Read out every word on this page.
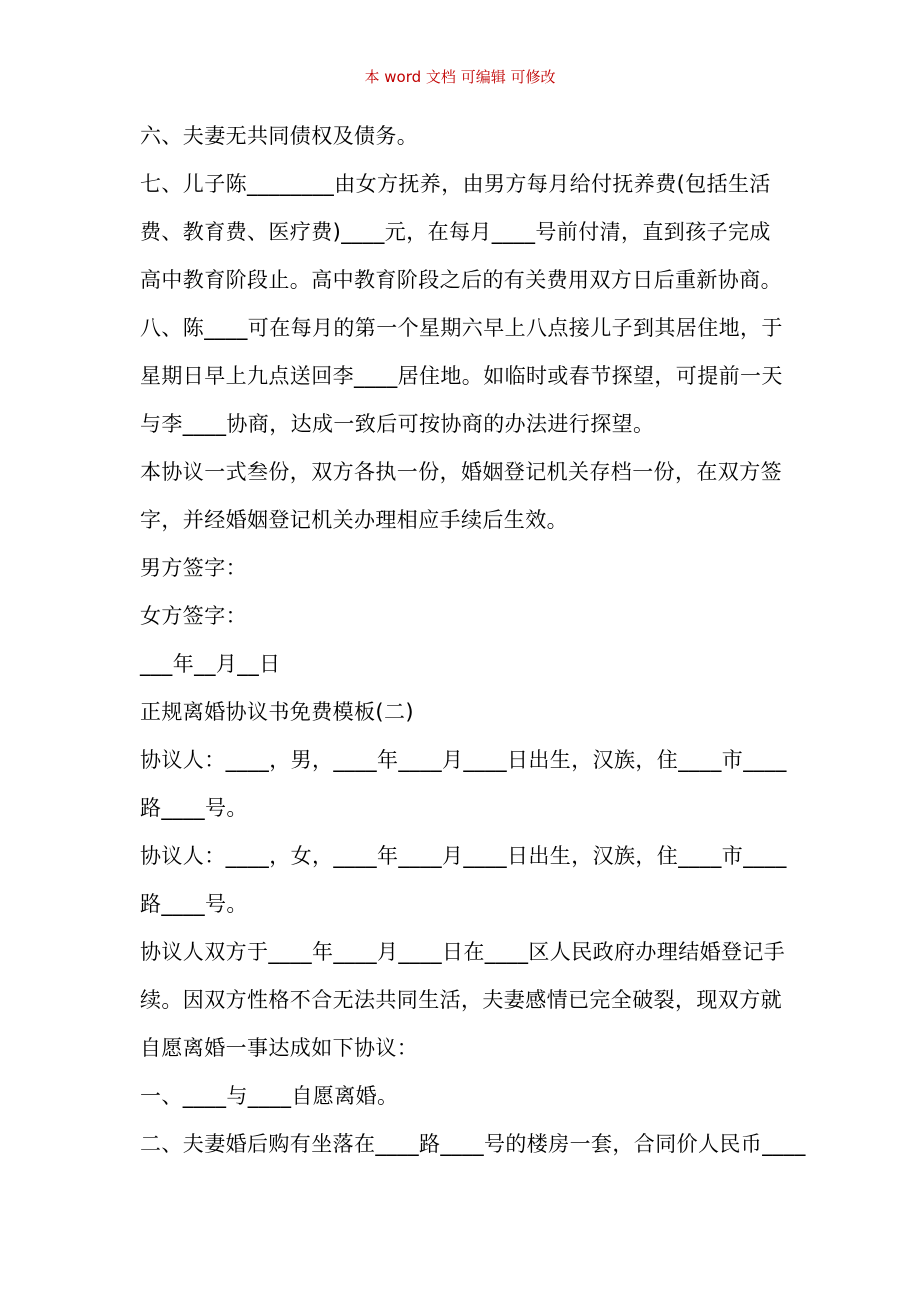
本 word 文档 可编辑 可修改
六、夫妻无共同债权及债务。
七、儿子陈________由女方抚养，由男方每月给付抚养费(包括生活
费、教育费、医疗费)____元，在每月____号前付清，直到孩子完成
高中教育阶段止。高中教育阶段之后的有关费用双方日后重新协商。
八、陈____可在每月的第一个星期六早上八点接儿子到其居住地，于
星期日早上九点送回李____居住地。如临时或春节探望，可提前一天
与李____协商，达成一致后可按协商的办法进行探望。
本协议一式叁份，双方各执一份，婚姻登记机关存档一份，在双方签
字，并经婚姻登记机关办理相应手续后生效。
男方签字：
女方签字：
___年__月__日
正规离婚协议书免费模板(二)
协议人：____，男，____年____月____日出生，汉族，住____市____
路____号。
协议人：____，女，____年____月____日出生，汉族，住____市____
路____号。
协议人双方于____年____月____日在____区人民政府办理结婚登记手
续。因双方性格不合无法共同生活，夫妻感情已完全破裂，现双方就
自愿离婚一事达成如下协议：
一、____与____自愿离婚。
二、夫妻婚后购有坐落在____路____号的楼房一套，合同价人民币____
